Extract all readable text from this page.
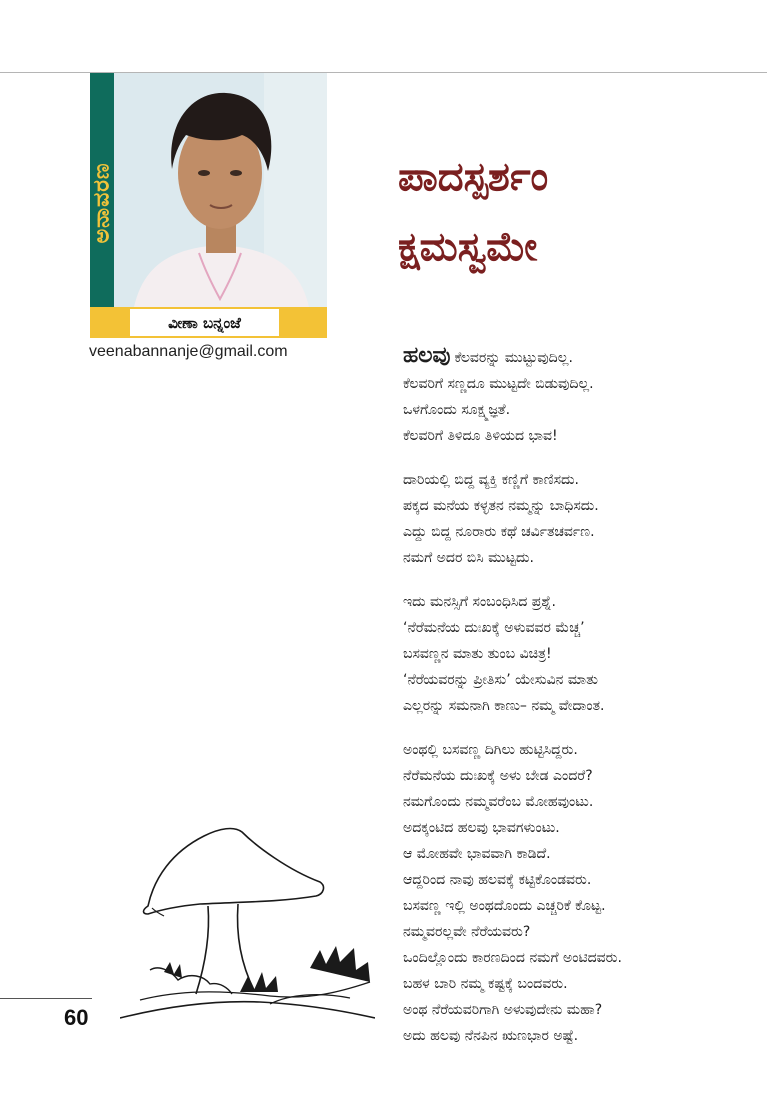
ಅನಾವರಣ
ವೀಣಾ ಬನ್ನಂಜೆ
veenabannanje@gmail.com
ಪಾದಸ್ಪರ್ಶಂ
ಕ್ಷಮಸ್ವಮೇ
ಹಲವು ಕೆಲವರನ್ನು ಮುಟ್ಟುವುದಿಲ್ಲ.
ಕೆಲವರಿಗೆ ಸಣ್ಣದೂ ಮುಟ್ಟದೇ ಬಿಡುವುದಿಲ್ಲ.
ಒಳಗೊಂದು ಸೂಕ್ಷ್ಮಜ್ಞತೆ.
ಕೆಲವರಿಗೆ ತಿಳಿದೂ ತಿಳಿಯದ ಭಾವ!
ದಾರಿಯಲ್ಲಿ ಬಿದ್ದ ವ್ಯಕ್ತಿ ಕಣ್ಣಿಗೆ ಕಾಣಿಸದು.
ಪಕ್ಕದ ಮನೆಯ ಕಳ್ಳತನ ನಮ್ಮನ್ನು ಬಾಧಿಸದು.
ಎದ್ದು ಬಿದ್ದ ನೂರಾರು ಕಥೆ ಚರ್ವಿತಚರ್ವಣ.
ನಮಗೆ ಅದರ ಬಿಸಿ ಮುಟ್ಟದು.
ಇದು ಮನಸ್ಸಿಗೆ ಸಂಬಂಧಿಸಿದ ಪ್ರಶ್ನೆ.
‘ನೆರೆಮನೆಯ ದುಃಖಕ್ಕೆ ಅಳುವವರ ಮೆಚ್ಚ’
ಬಸವಣ್ಣನ ಮಾತು ತುಂಬ ವಿಚಿತ್ರ!
‘ನೆರೆಯವರನ್ನು ಪ್ರೀತಿಸು’ ಯೇಸುವಿನ ಮಾತು
ಎಲ್ಲರನ್ನು ಸಮನಾಗಿ ಕಾಣು– ನಮ್ಮ ವೇದಾಂತ.
ಅಂಥಲ್ಲಿ ಬಸವಣ್ಣ ದಿಗಿಲು ಹುಟ್ಟಿಸಿದ್ದರು.
ನೆರೆಮನೆಯ ದುಃಖಕ್ಕೆ ಅಳು ಬೇಡ ಎಂದರೆ?
ನಮಗೊಂದು ನಮ್ಮವರೆಂಬ ಮೋಹವುಂಟು.
ಅದಕ್ಕಂಟಿದ ಹಲವು ಭಾವಗಳುಂಟು.
ಆ ಮೋಹವೇ ಭಾವವಾಗಿ ಕಾಡಿದೆ.
ಆದ್ದರಿಂದ ನಾವು ಹಲವಕ್ಕೆ ಕಟ್ಟಿಕೊಂಡವರು.
ಬಸವಣ್ಣ ಇಲ್ಲಿ ಅಂಥದೊಂದು ಎಚ್ಚರಿಕೆ ಕೊಟ್ಟ.
ನಮ್ಮವರಲ್ಲವೇ ನೆರೆಯವರು?
ಒಂದಿಲ್ಲೊಂದು ಕಾರಣದಿಂದ ನಮಗೆ ಅಂಟಿದವರು.
ಬಹಳ ಬಾರಿ ನಮ್ಮ ಕಷ್ಟಕ್ಕೆ ಬಂದವರು.
ಅಂಥ ನೆರೆಯವರಿಗಾಗಿ ಅಳುವುದೇನು ಮಹಾ?
ಅದು ಹಲವು ನೆನಪಿನ ಋಣಭಾರ ಅಷ್ಟೆ.
60
